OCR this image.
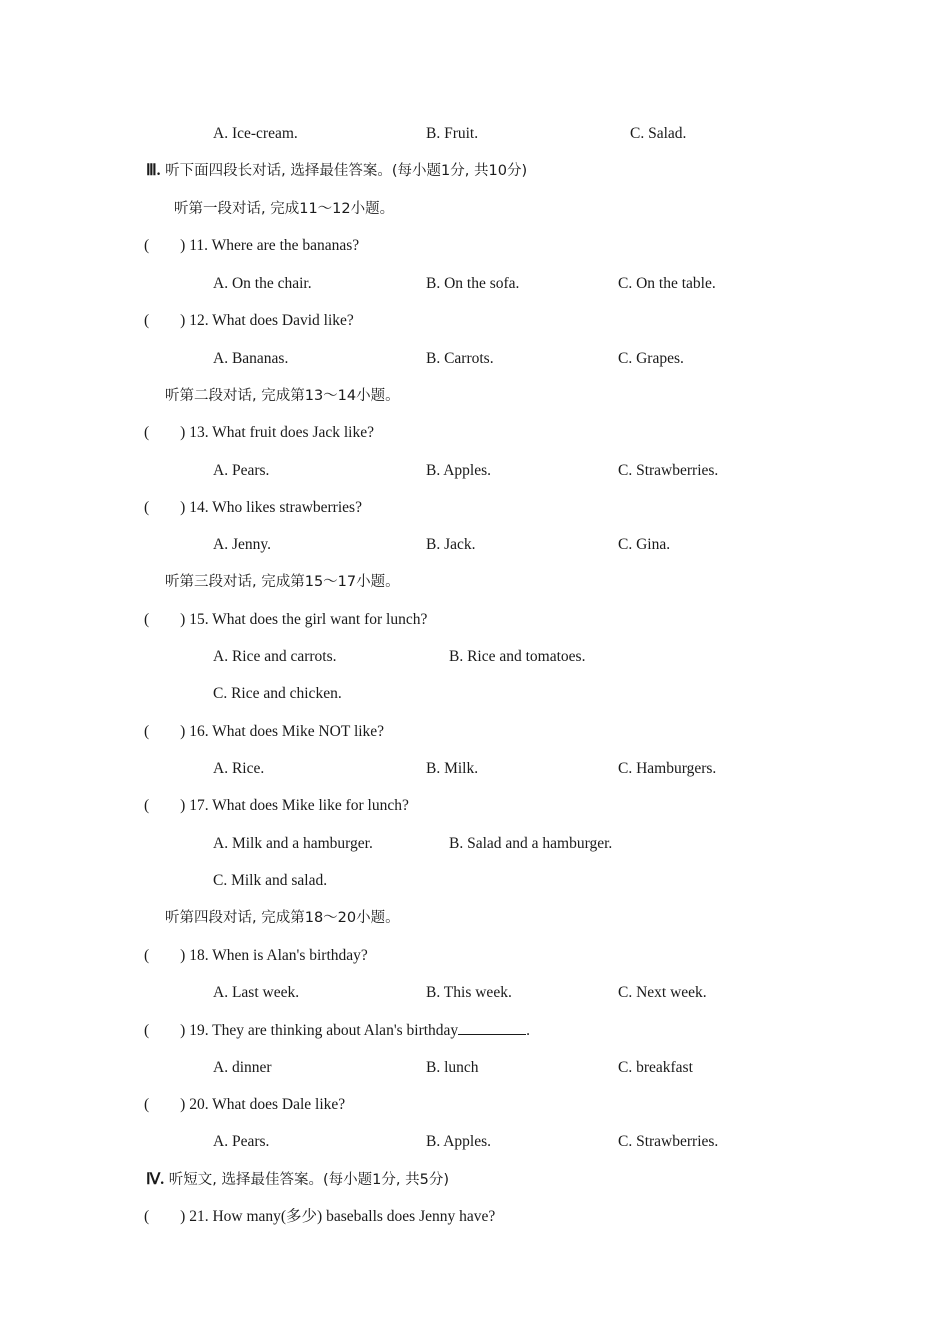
A. Ice-cream.	B. Fruit.	C. Salad.
Ⅲ. 听下面四段长对话, 选择最佳答案。(每小题1分, 共10分)
听第一段对话, 完成11～12小题。
(　　) 11. Where are the bananas?
A. On the chair.	B. On the sofa.	C. On the table.
(　　) 12. What does David like?
A. Bananas.	B. Carrots.	C. Grapes.
听第二段对话, 完成第13～14小题。
(　　) 13. What fruit does Jack like?
A. Pears.	B. Apples.	C. Strawberries.
(　　) 14. Who likes strawberries?
A. Jenny.	B. Jack.	C. Gina.
听第三段对话, 完成第15～17小题。
(　　) 15. What does the girl want for lunch?
A. Rice and carrots.	B. Rice and tomatoes.
C. Rice and chicken.
(　　) 16. What does Mike NOT like?
A. Rice.	B. Milk.	C. Hamburgers.
(　　) 17. What does Mike like for lunch?
A. Milk and a hamburger.	B. Salad and a hamburger.
C. Milk and salad.
听第四段对话, 完成第18～20小题。
(　　) 18. When is Alan's birthday?
A. Last week.	B. This week.	C. Next week.
(　　) 19. They are thinking about Alan's birthday	.
A. dinner	B. lunch	C. breakfast
(　　) 20. What does Dale like?
A. Pears.	B. Apples.	C. Strawberries.
Ⅳ. 听短文, 选择最佳答案。(每小题1分, 共5分)
(　　) 21. How many(多少) baseballs does Jenny have?
